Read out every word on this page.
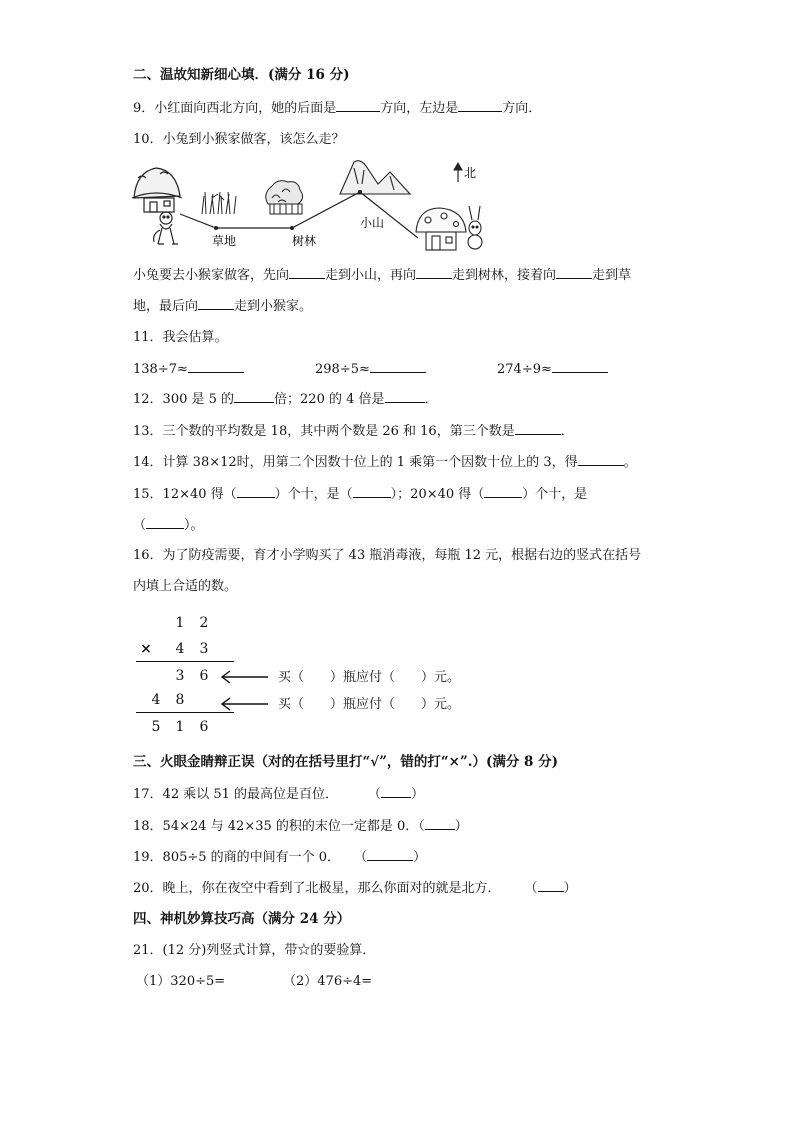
二、温故知新细心填．(满分 16 分)
9．小红面向西北方向，她的后面是	方向，左边是	方向．
10．小兔到小猴家做客，该怎么走？
北
草地	树林
小山
小兔要去小猴家做客，先向	走到小山，再向	走到树林，接着向	走到草
地，最后向	走到小猴家。
11．我会估算。
138÷7≈	298÷5≈	274÷9≈
12．300 是 5 的	倍；220 的 4 倍是	．
13．三个数的平均数是 18，其中两个数是 26 和 16，第三个数是	．
14．计算 38×12时，用第二个因数十位上的 1 乘第一个因数十位上的 3，得	。
15．12×40 得（	）个十，是（	）；20×40 得（	）个十，是
（	）。
16．为了防疫需要，育才小学购买了 43 瓶消毒液，每瓶 12 元，根据右边的竖式在括号
内填上合适的数。
1	2
×	4	3
3	6
4	8
5	1	6
买（　　）瓶应付（　　）元。
买（　　）瓶应付（　　）元。
三、火眼金睛辩正误（对的在括号里打“√”，错的打“×”.）(满分 8 分)
17．42 乘以 51 的最高位是百位． （ ）
18．54×24 与 42×35 的积的末位一定都是 0．（ ）
19．805÷5 的商的中间有一个 0． （	）
20．晚上，你在夜空中看到了北极星，那么你面对的就是北方． （ ）
四、神机妙算技巧高（满分 24 分）
21．(12 分)列竖式计算，带☆的要验算．
（1）320÷5=	（2）476÷4=
